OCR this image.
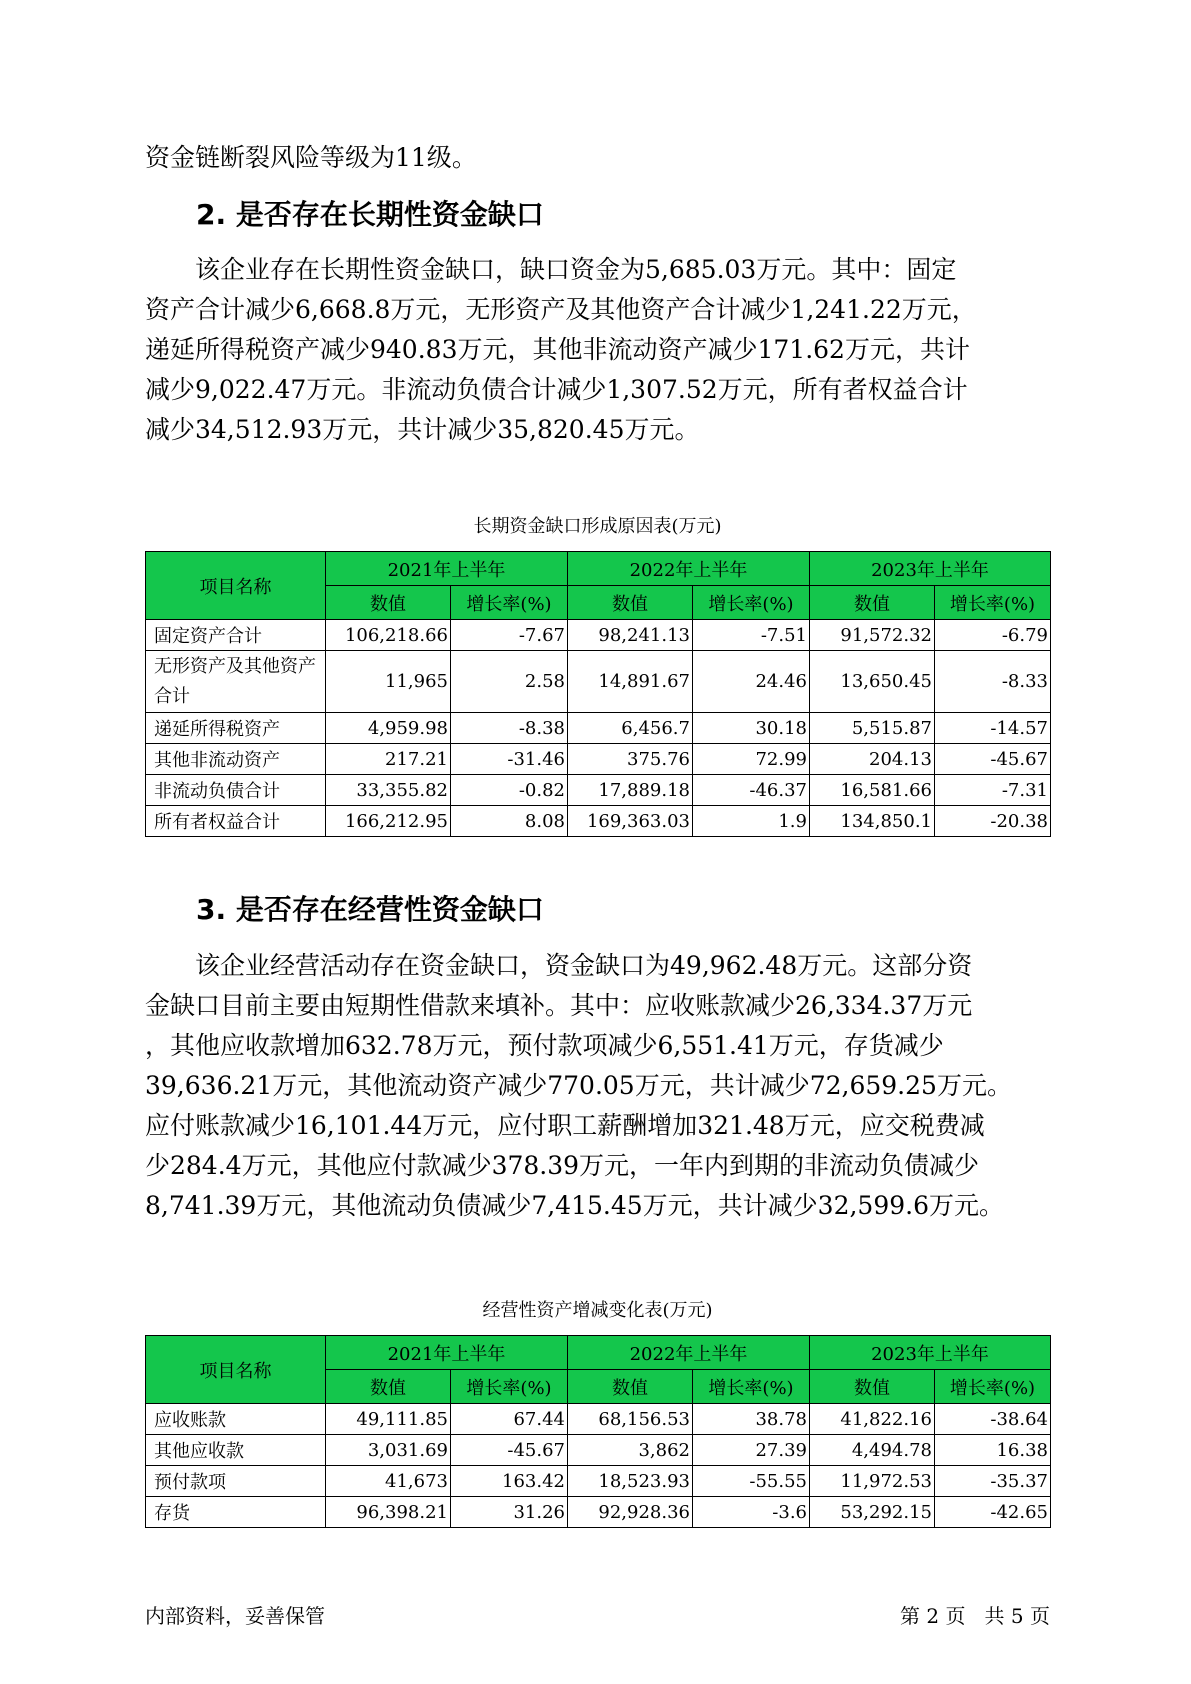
资金链断裂风险等级为11级。

2. 是否存在长期性资金缺口

该企业存在长期性资金缺口，缺口资金为5,685.03万元。其中：固定
资产合计减少6,668.8万元，无形资产及其他资产合计减少1,241.22万元，
递延所得税资产减少940.83万元，其他非流动资产减少171.62万元，共计
减少9,022.47万元。非流动负债合计减少1,307.52万元，所有者权益合计
减少34,512.93万元，共计减少35,820.45万元。

长期资金缺口形成原因表(万元)

项目名称	2021年上半年		2022年上半年		2023年上半年	
	数值	增长率(%)	数值	增长率(%)	数值	增长率(%)
固定资产合计	106,218.66	-7.67	98,241.13	-7.51	91,572.32	-6.79
无形资产及其他资产合计	11,965	2.58	14,891.67	24.46	13,650.45	-8.33
递延所得税资产	4,959.98	-8.38	6,456.7	30.18	5,515.87	-14.57
其他非流动资产	217.21	-31.46	375.76	72.99	204.13	-45.67
非流动负债合计	33,355.82	-0.82	17,889.18	-46.37	16,581.66	-7.31
所有者权益合计	166,212.95	8.08	169,363.03	1.9	134,850.1	-20.38
3. 是否存在经营性资金缺口

该企业经营活动存在资金缺口，资金缺口为49,962.48万元。这部分资
金缺口目前主要由短期性借款来填补。其中：应收账款减少26,334.37万元
，其他应收款增加632.78万元，预付款项减少6,551.41万元，存货减少
39,636.21万元，其他流动资产减少770.05万元，共计减少72,659.25万元。
应付账款减少16,101.44万元，应付职工薪酬增加321.48万元，应交税费减
少284.4万元，其他应付款减少378.39万元，一年内到期的非流动负债减少
8,741.39万元，其他流动负债减少7,415.45万元，共计减少32,599.6万元。

经营性资产增减变化表(万元)

项目名称	2021年上半年		2022年上半年		2023年上半年	
	数值	增长率(%)	数值	增长率(%)	数值	增长率(%)
应收账款	49,111.85	67.44	68,156.53	38.78	41,822.16	-38.64
其他应收款	3,031.69	-45.67	3,862	27.39	4,494.78	16.38
预付款项	41,673	163.42	18,523.93	-55.55	11,972.53	-35.37
存货	96,398.21	31.26	92,928.36	-3.6	53,292.15	-42.65

内部资料，妥善保管	第 2 页   共 5 页
